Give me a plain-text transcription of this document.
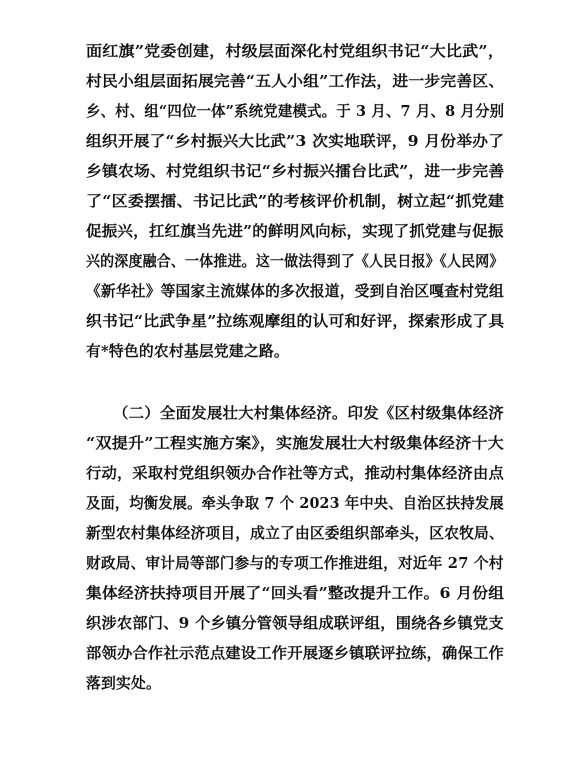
面红旗”党委创建，村级层面深化村党组织书记“大比武”，
村民小组层面拓展完善“五人小组”工作法，进一步完善区、
乡、村、组“四位一体”系统党建模式。于 3 月、7 月、8 月分别
组织开展了“乡村振兴大比武”3 次实地联评，9 月份举办了
乡镇农场、村党组织书记“乡村振兴擂台比武”，进一步完善
了“区委摆擂、书记比武”的考核评价机制，树立起“抓党建
促振兴，扛红旗当先进”的鲜明风向标，实现了抓党建与促振
兴的深度融合、一体推进。这一做法得到了《人民日报》《人民网》
《新华社》等国家主流媒体的多次报道，受到自治区嘎查村党组
织书记“比武争星”拉练观摩组的认可和好评，探索形成了具
有*特色的农村基层党建之路。
（二）全面发展壮大村集体经济。印发《区村级集体经济
“双提升”工程实施方案》，实施发展壮大村级集体经济十大
行动，采取村党组织领办合作社等方式，推动村集体经济由点
及面，均衡发展。牵头争取 7 个 2023 年中央、自治区扶持发展
新型农村集体经济项目，成立了由区委组织部牵头，区农牧局、
财政局、审计局等部门参与的专项工作推进组，对近年 27 个村
集体经济扶持项目开展了“回头看”整改提升工作。6 月份组
织涉农部门、9 个乡镇分管领导组成联评组，围绕各乡镇党支
部领办合作社示范点建设工作开展逐乡镇联评拉练，确保工作
落到实处。
